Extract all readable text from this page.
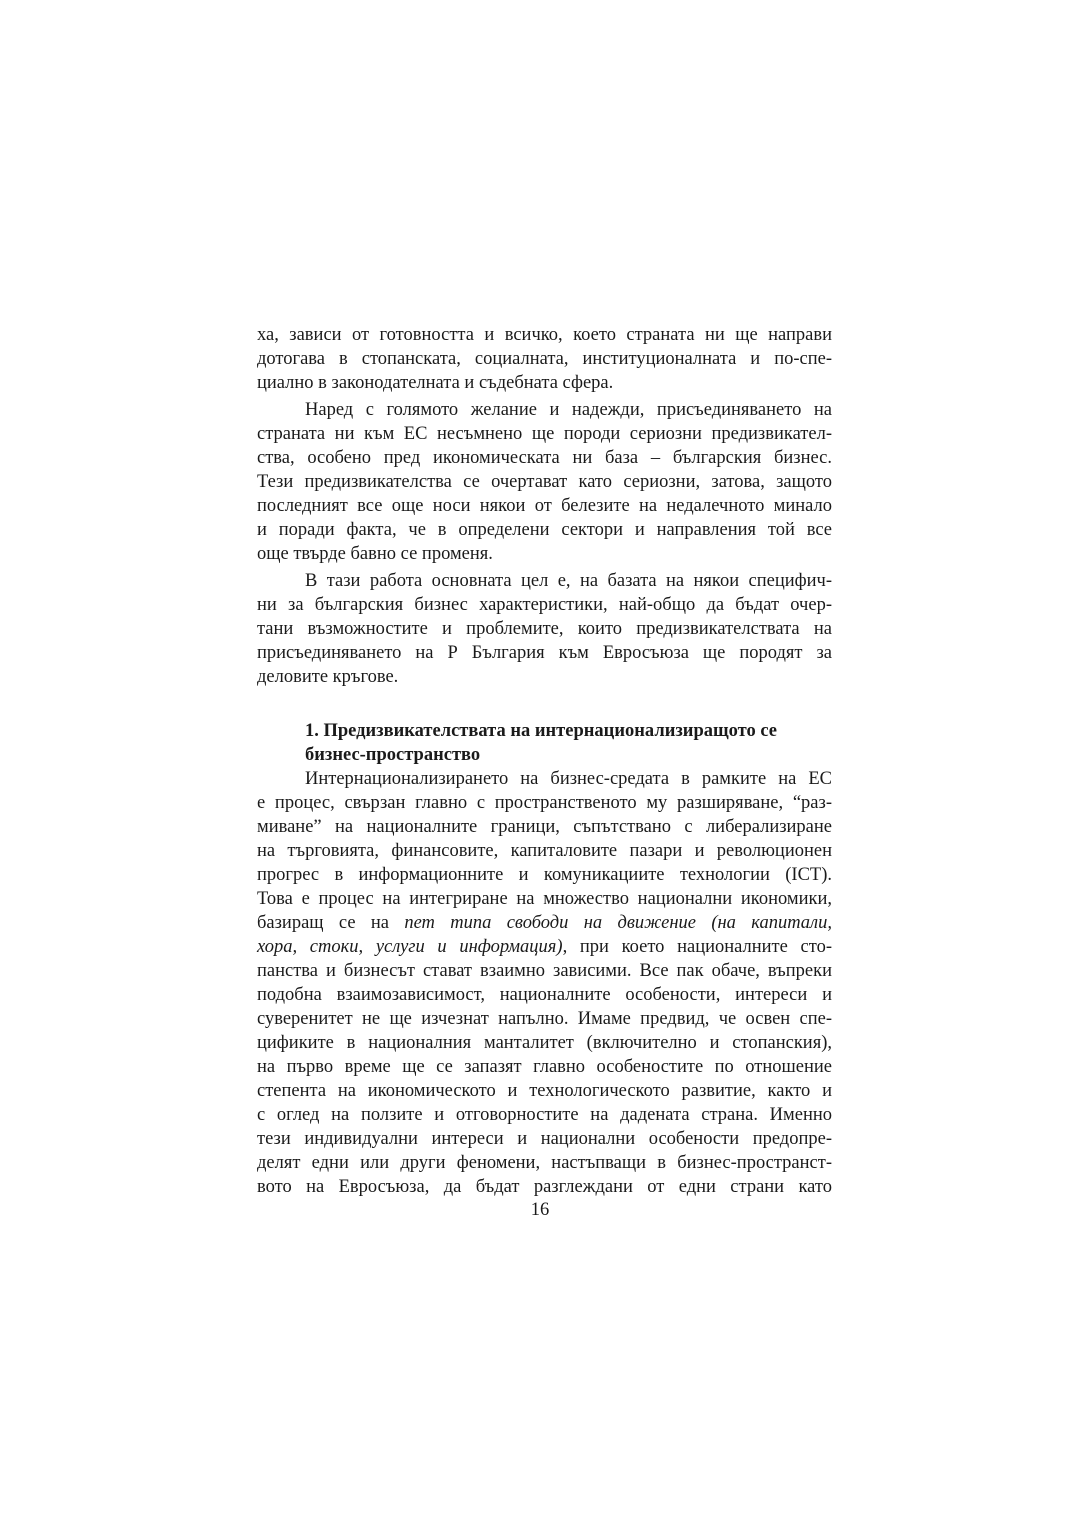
ха, зависи от готовността и всичко, което страната ни ще направи
дотогава в стопанската, социалната, институционалната и по-спе-
циално в законодателната и съдебната сфера.
Наред с голямото желание и надежди, присъединяването на
страната ни към ЕС несъмнено ще породи сериозни предизвикател-
ства, особено пред икономическата ни база – българския бизнес.
Тези предизвикателства се очертават като сериозни, затова, защото
последният все още носи някои от белезите на недалечното минало
и поради факта, че в определени сектори и направления той все
още твърде бавно се променя.
В тази работа основната цел е, на базата на някои специфич-
ни за българския бизнес характеристики, най-общо да бъдат очер-
тани възможностите и проблемите, които предизвикателствата на
присъединяването на Р България към Евросъюза ще породят за
деловите кръгове.
1. Предизвикателствата на интернационализиращото се
бизнес-пространство
Интернационализирането на бизнес-средата в рамките на ЕС
е процес, свързан главно с пространственото му разширяване, “раз-
миване” на националните граници, съпътствано с либерализиране
на търговията, финансовите, капиталовите пазари и революционен
прогрес в информационните и комуникациите технологии (ICT).
Това е процес на интегриране на множество национални икономики,
базиращ се на пет типа свободи на движение (на капитали,
хора, стоки, услуги и информация), при което националните сто-
панства и бизнесът стават взаимно зависими. Все пак обаче, въпреки
подобна взаимозависимост, националните особености, интереси и
суверенитет не ще изчезнат напълно. Имаме предвид, че освен спе-
цификите в националния манталитет (включително и стопанския),
на първо време ще се запазят главно особеностите по отношение
степента на икономическото и технологическото развитие, както и
с оглед на ползите и отговорностите на дадената страна. Именно
тези индивидуални интереси и национални особености предопре-
делят едни или други феномени, настъпващи в бизнес-пространст-
вото на Евросъюза, да бъдат разглеждани от едни страни като
16
